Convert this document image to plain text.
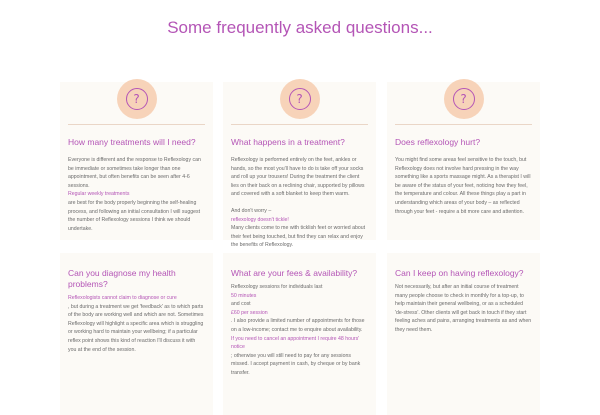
Some frequently asked questions...
?
How many treatments will I need?

Everyone is different and the response to Reflexology can be immediate or sometimes take longer than one appointment, but often benefits can be seen after 4-6 sessions.

Regular weekly treatments

are best for the body properly beginning the self-healing process, and following an initial consultation I will suggest the number of Reflexology sessions I think we should undertake.

?
What happens in a treatment?

Reflexology is performed entirely on the feet, ankles or hands, so the most you'll have to do is take off your socks and roll up your trousers! During the treatment the client lies on their back on a reclining chair, supported by pillows and covered with a soft blanket to keep them warm.

And don't worry –

reflexology doesn't tickle!

Many clients come to me with ticklish feet or worried about their feet being touched, but find they can relax and enjoy the benefits of Reflexology.

?
Does reflexology hurt?

You might find some areas feel sensitive to the touch, but Reflexology does not involve hard pressing in the way something like a sports massage might. As a therapist I will be aware of the status of your feet, noticing how they feel, the temperature and colour. All these things play a part in understanding which areas of your body – as reflected through your feet - require a bit more care and attention.

Can you diagnose my health problems?

Reflexologists cannot claim to diagnose or cure

, but during a treatment we get 'feedback' as to which parts of the body are working well and which are not. Sometimes Reflexology will highlight a specific area which is struggling or working hard to maintain your wellbeing; if a particular reflex point shows this kind of reaction I'll discuss it with you at the end of the session.

What are your fees & availability?

Reflexology sessions for individuals last

50 minutes

and cost

£60 per session

. I also provide a limited number of appointments for those on a low-income; contact me to enquire about availability.

If you need to cancel an appointment I require 48 hours' notice

; otherwise you will still need to pay for any sessions missed. I accept payment in cash, by cheque or by bank transfer.

Can I keep on having reflexology?

Not necessarily, but after an initial course of treatment many people choose to check in monthly for a top-up, to help maintain their general wellbeing, or as a scheduled 'de-stress'. Other clients will get back in touch if they start feeling aches and pains, arranging treatments as and when they need them.
